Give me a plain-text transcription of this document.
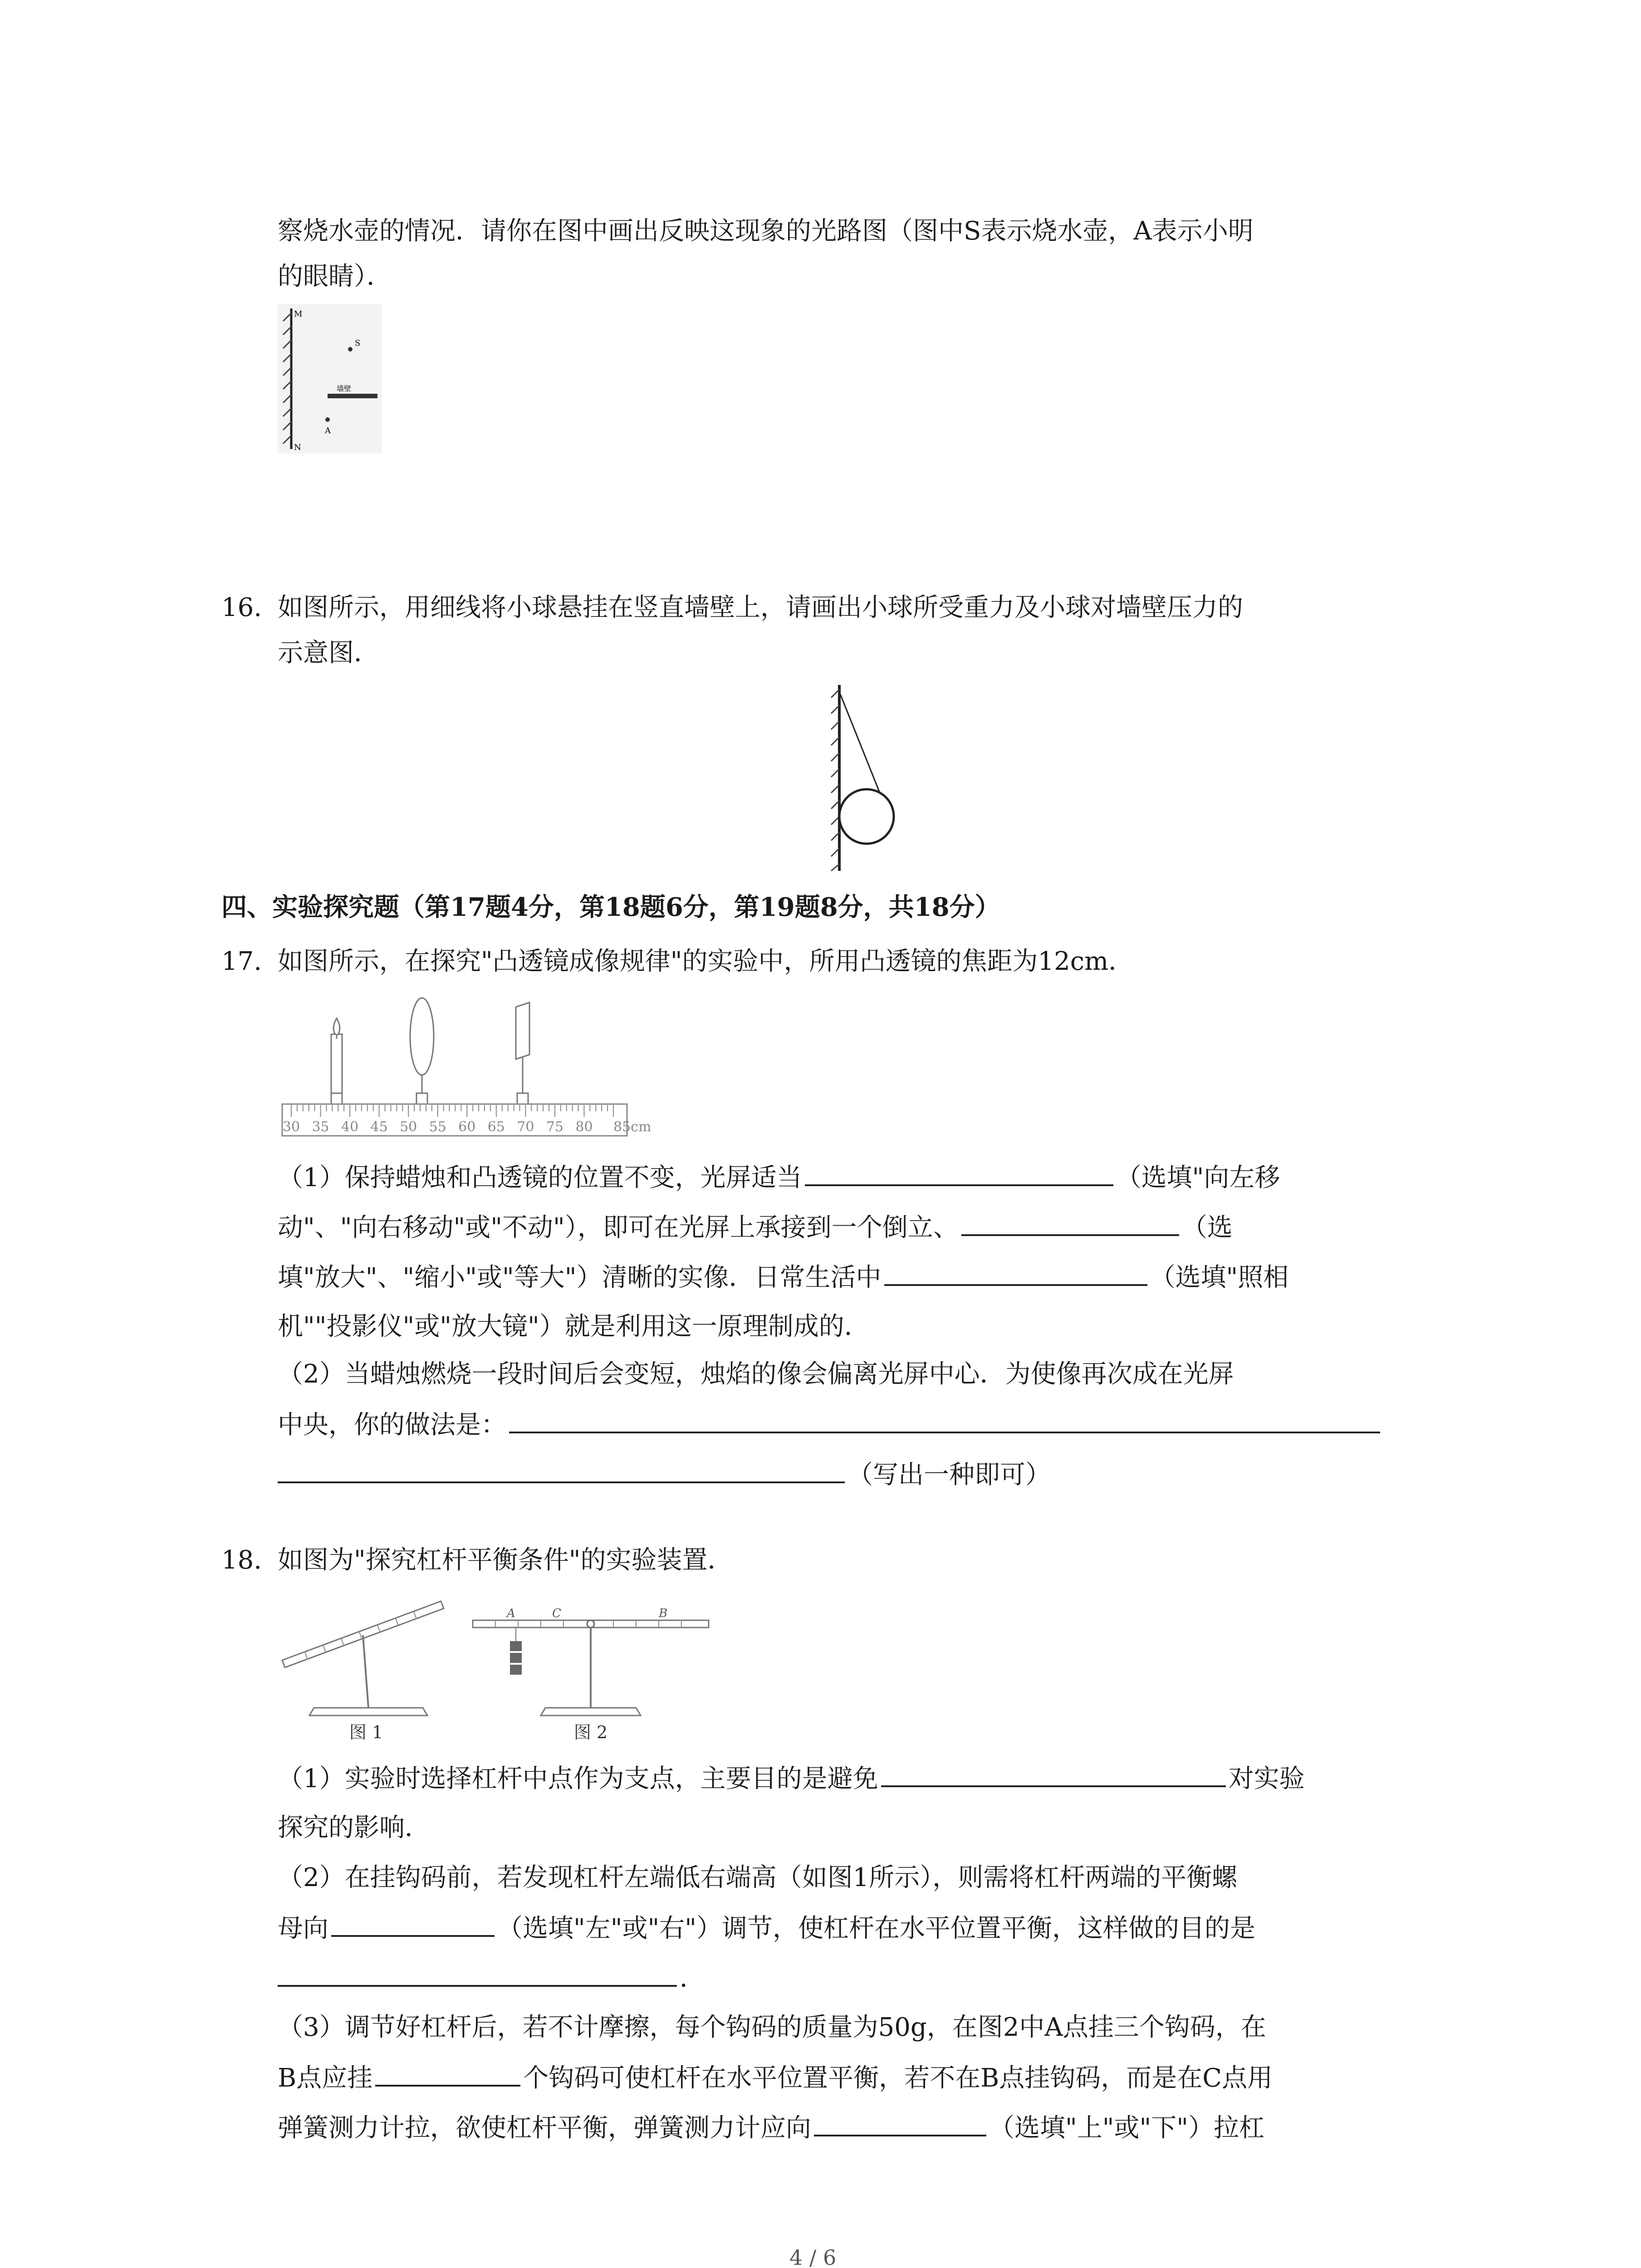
察烧水壶的情况．请你在图中画出反映这现象的光路图（图中S表示烧水壶，A表示小明
的眼睛）．
M
N
S
墙壁
A
16. 如图所示，用细线将小球悬挂在竖直墙壁上，请画出小球所受重力及小球对墙壁压力的
示意图．
四、实验探究题（第17题4分，第18题6分，第19题8分，共18分）
17. 如图所示，在探究"凸透镜成像规律"的实验中，所用凸透镜的焦距为12cm．
30 35 40 45 50 55 60 65 70 75 80 85cm
（1）保持蜡烛和凸透镜的位置不变，光屏适当	（选填"向左移
动"、"向右移动"或"不动"），即可在光屏上承接到一个倒立、	（选
填"放大"、"缩小"或"等大"）清晰的实像．日常生活中	（选填"照相
机""投影仪"或"放大镜"）就是利用这一原理制成的．
（2）当蜡烛燃烧一段时间后会变短，烛焰的像会偏离光屏中心．为使像再次成在光屏
中央，你的做法是：
（写出一种即可）
18. 如图为"探究杠杆平衡条件"的实验装置．
图 1
A	C	B
图 2
（1）实验时选择杠杆中点作为支点，主要目的是避免	对实验
探究的影响．
（2）在挂钩码前，若发现杠杆左端低右端高（如图1所示），则需将杠杆两端的平衡螺
母向	（选填"左"或"右"）调节，使杠杆在水平位置平衡，这样做的目的是
．
（3）调节好杠杆后，若不计摩擦，每个钩码的质量为50g，在图2中A点挂三个钩码，在
B点应挂	个钩码可使杠杆在水平位置平衡，若不在B点挂钩码，而是在C点用
弹簧测力计拉，欲使杠杆平衡，弹簧测力计应向	（选填"上"或"下"）拉杠
4 / 6
